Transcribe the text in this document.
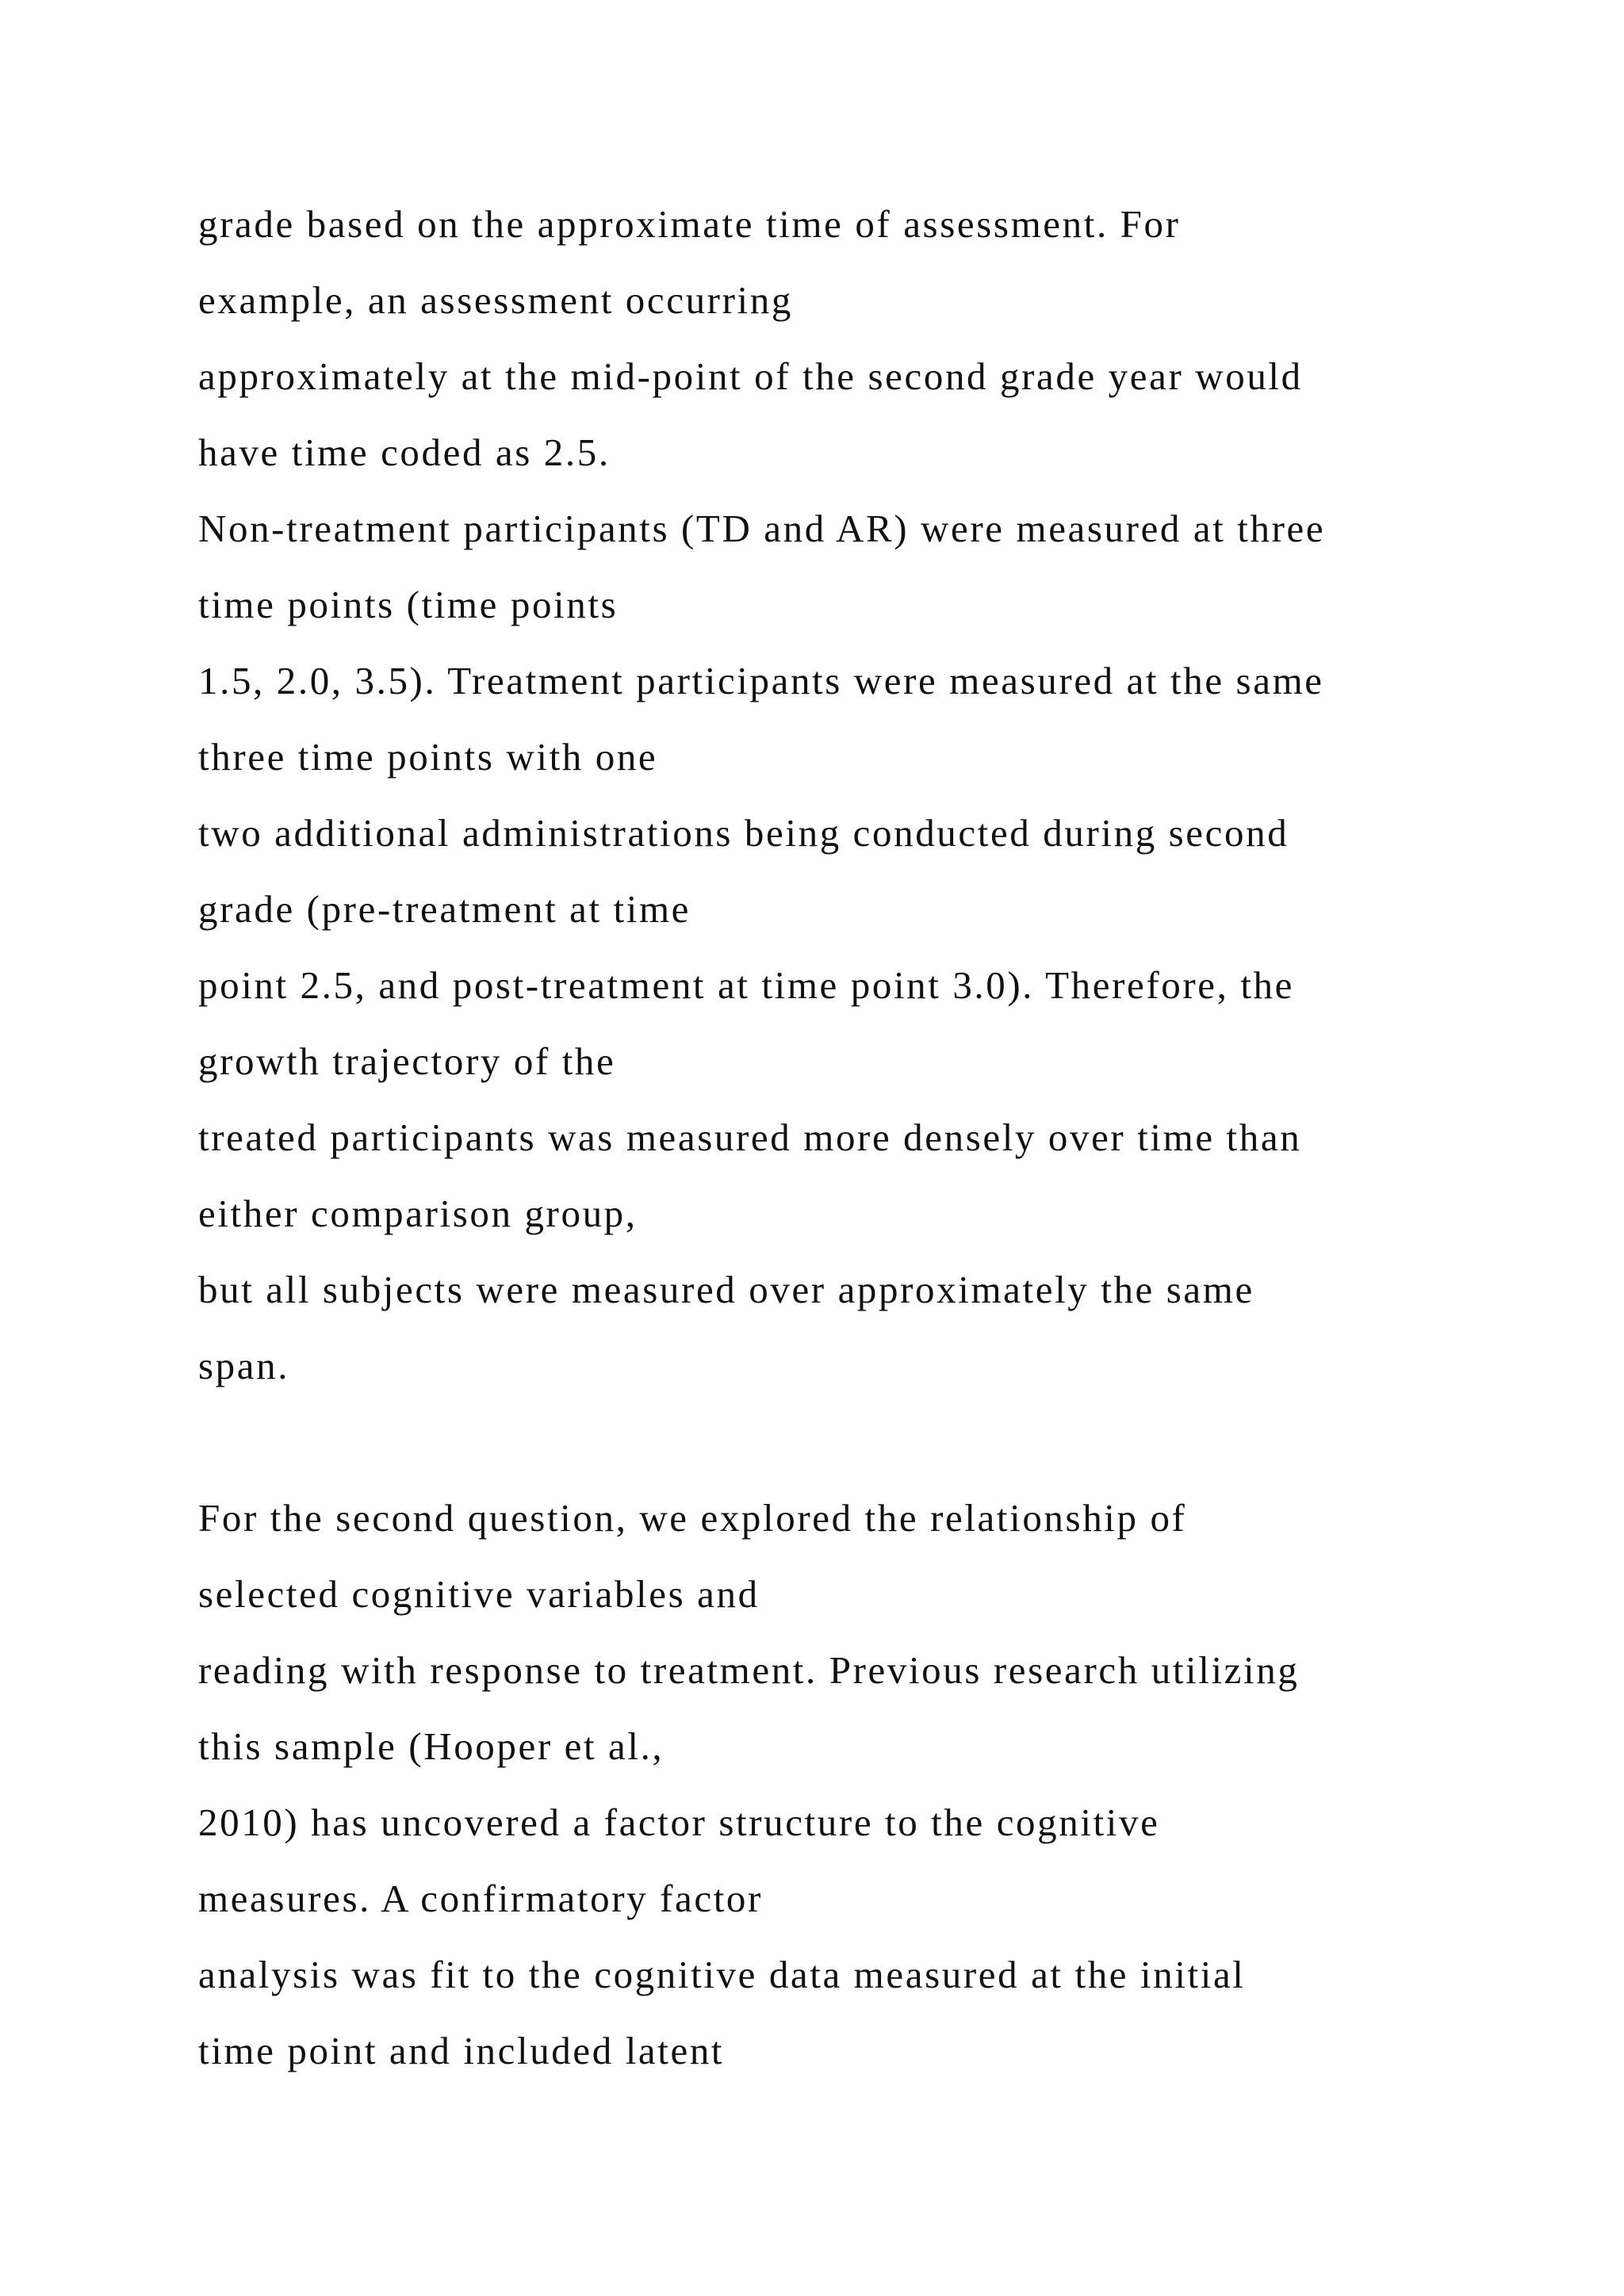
grade based on the approximate time of assessment. For
example, an assessment occurring
approximately at the mid-point of the second grade year would
have time coded as 2.5.
Non-treatment participants (TD and AR) were measured at three
time points (time points
1.5, 2.0, 3.5). Treatment participants were measured at the same
three time points with one
two additional administrations being conducted during second
grade (pre-treatment at time
point 2.5, and post-treatment at time point 3.0). Therefore, the
growth trajectory of the
treated participants was measured more densely over time than
either comparison group,
but all subjects were measured over approximately the same
span.
For the second question, we explored the relationship of
selected cognitive variables and
reading with response to treatment. Previous research utilizing
this sample (Hooper et al.,
2010) has uncovered a factor structure to the cognitive
measures. A confirmatory factor
analysis was fit to the cognitive data measured at the initial
time point and included latent
